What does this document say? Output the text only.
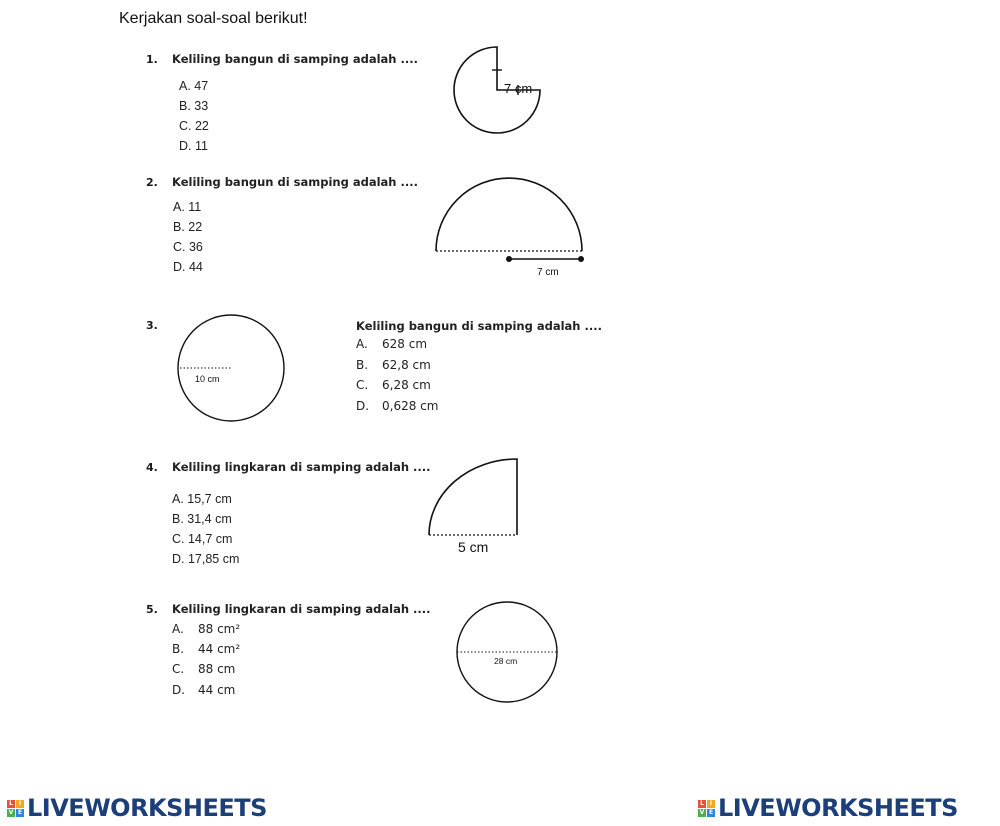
Kerjakan soal-soal berikut!
1. Keliling bangun di samping adalah ....
A. 47
B. 33
C. 22
D. 11
7 cm
2. Keliling bangun di samping adalah ....
A. 11
B. 22
C. 36
D. 44	7 cm
3.
10 cm
Keliling bangun di samping adalah ....
A. 628 cm
B. 62,8 cm
C. 6,28 cm
D. 0,628 cm
4. Keliling lingkaran di samping adalah ....
A. 15,7 cm
B. 31,4 cm
C. 14,7 cm
D. 17,85 cm
5 cm
5. Keliling lingkaran di samping adalah ....
A. 88 cm²
B. 44 cm²
C. 88 cm
D. 44 cm
28 cm
L I
V E LIVEWORKSHEETS	L I
V E LIVEWORKSHEETS
